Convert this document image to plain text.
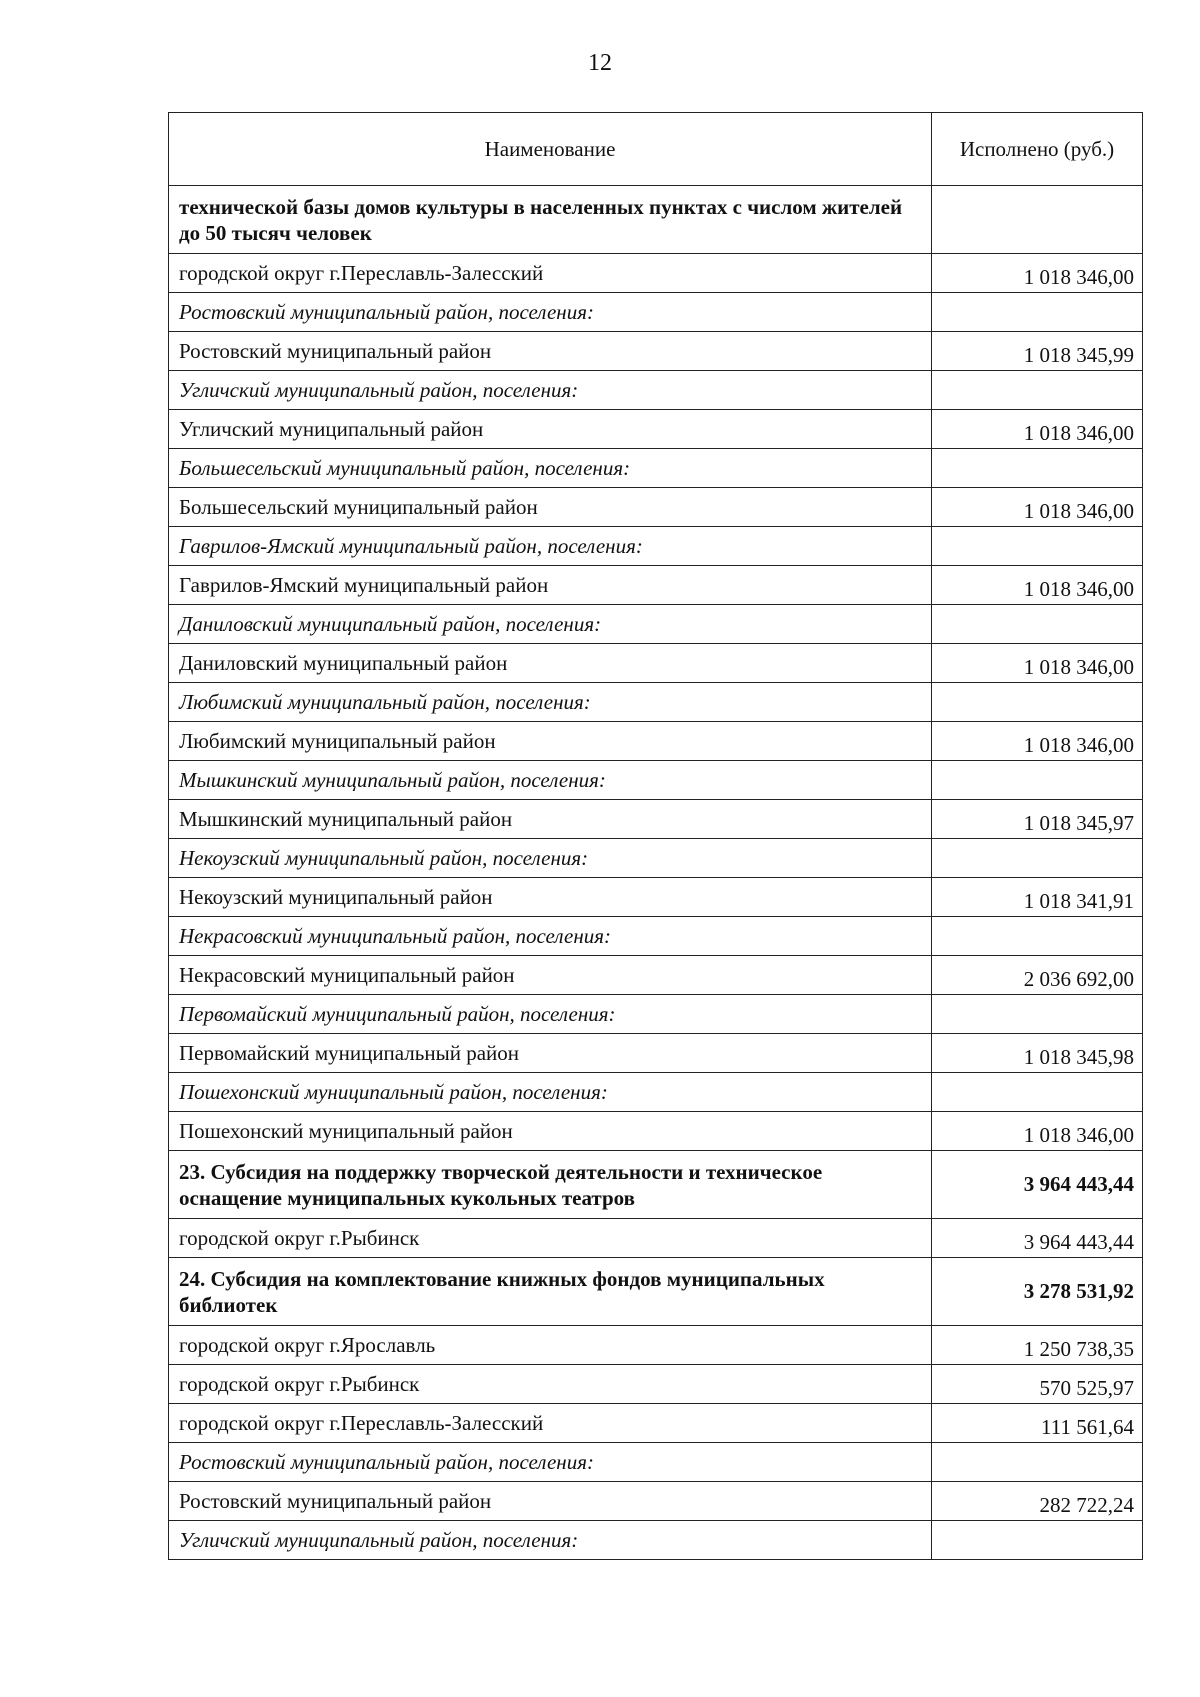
12
Наименование	Исполнено (руб.)
технической базы домов культуры в населенных пунктах с числом жителей до 50 тысяч человек	
городской округ г.Переславль-Залесский	1 018 346,00
Ростовский муниципальный район, поселения:	
Ростовский муниципальный район	1 018 345,99
Угличский муниципальный район, поселения:	
Угличский муниципальный район	1 018 346,00
Большесельский муниципальный район, поселения:	
Большесельский муниципальный район	1 018 346,00
Гаврилов-Ямский муниципальный район, поселения:	
Гаврилов-Ямский муниципальный район	1 018 346,00
Даниловский муниципальный район, поселения:	
Даниловский муниципальный район	1 018 346,00
Любимский муниципальный район, поселения:	
Любимский муниципальный район	1 018 346,00
Мышкинский муниципальный район, поселения:	
Мышкинский муниципальный район	1 018 345,97
Некоузский муниципальный район, поселения:	
Некоузский муниципальный район	1 018 341,91
Некрасовский муниципальный район, поселения:	
Некрасовский муниципальный район	2 036 692,00
Первомайский муниципальный район, поселения:	
Первомайский муниципальный район	1 018 345,98
Пошехонский муниципальный район, поселения:	
Пошехонский муниципальный район	1 018 346,00
23. Субсидия на поддержку творческой деятельности и техническое оснащение муниципальных кукольных театров	3 964 443,44
городской округ г.Рыбинск	3 964 443,44
24. Субсидия на комплектование книжных фондов муниципальных библиотек	3 278 531,92
городской округ г.Ярославль	1 250 738,35
городской округ г.Рыбинск	570 525,97
городской округ г.Переславль-Залесский	111 561,64
Ростовский муниципальный район, поселения:	
Ростовский муниципальный район	282 722,24
Угличский муниципальный район, поселения:	
